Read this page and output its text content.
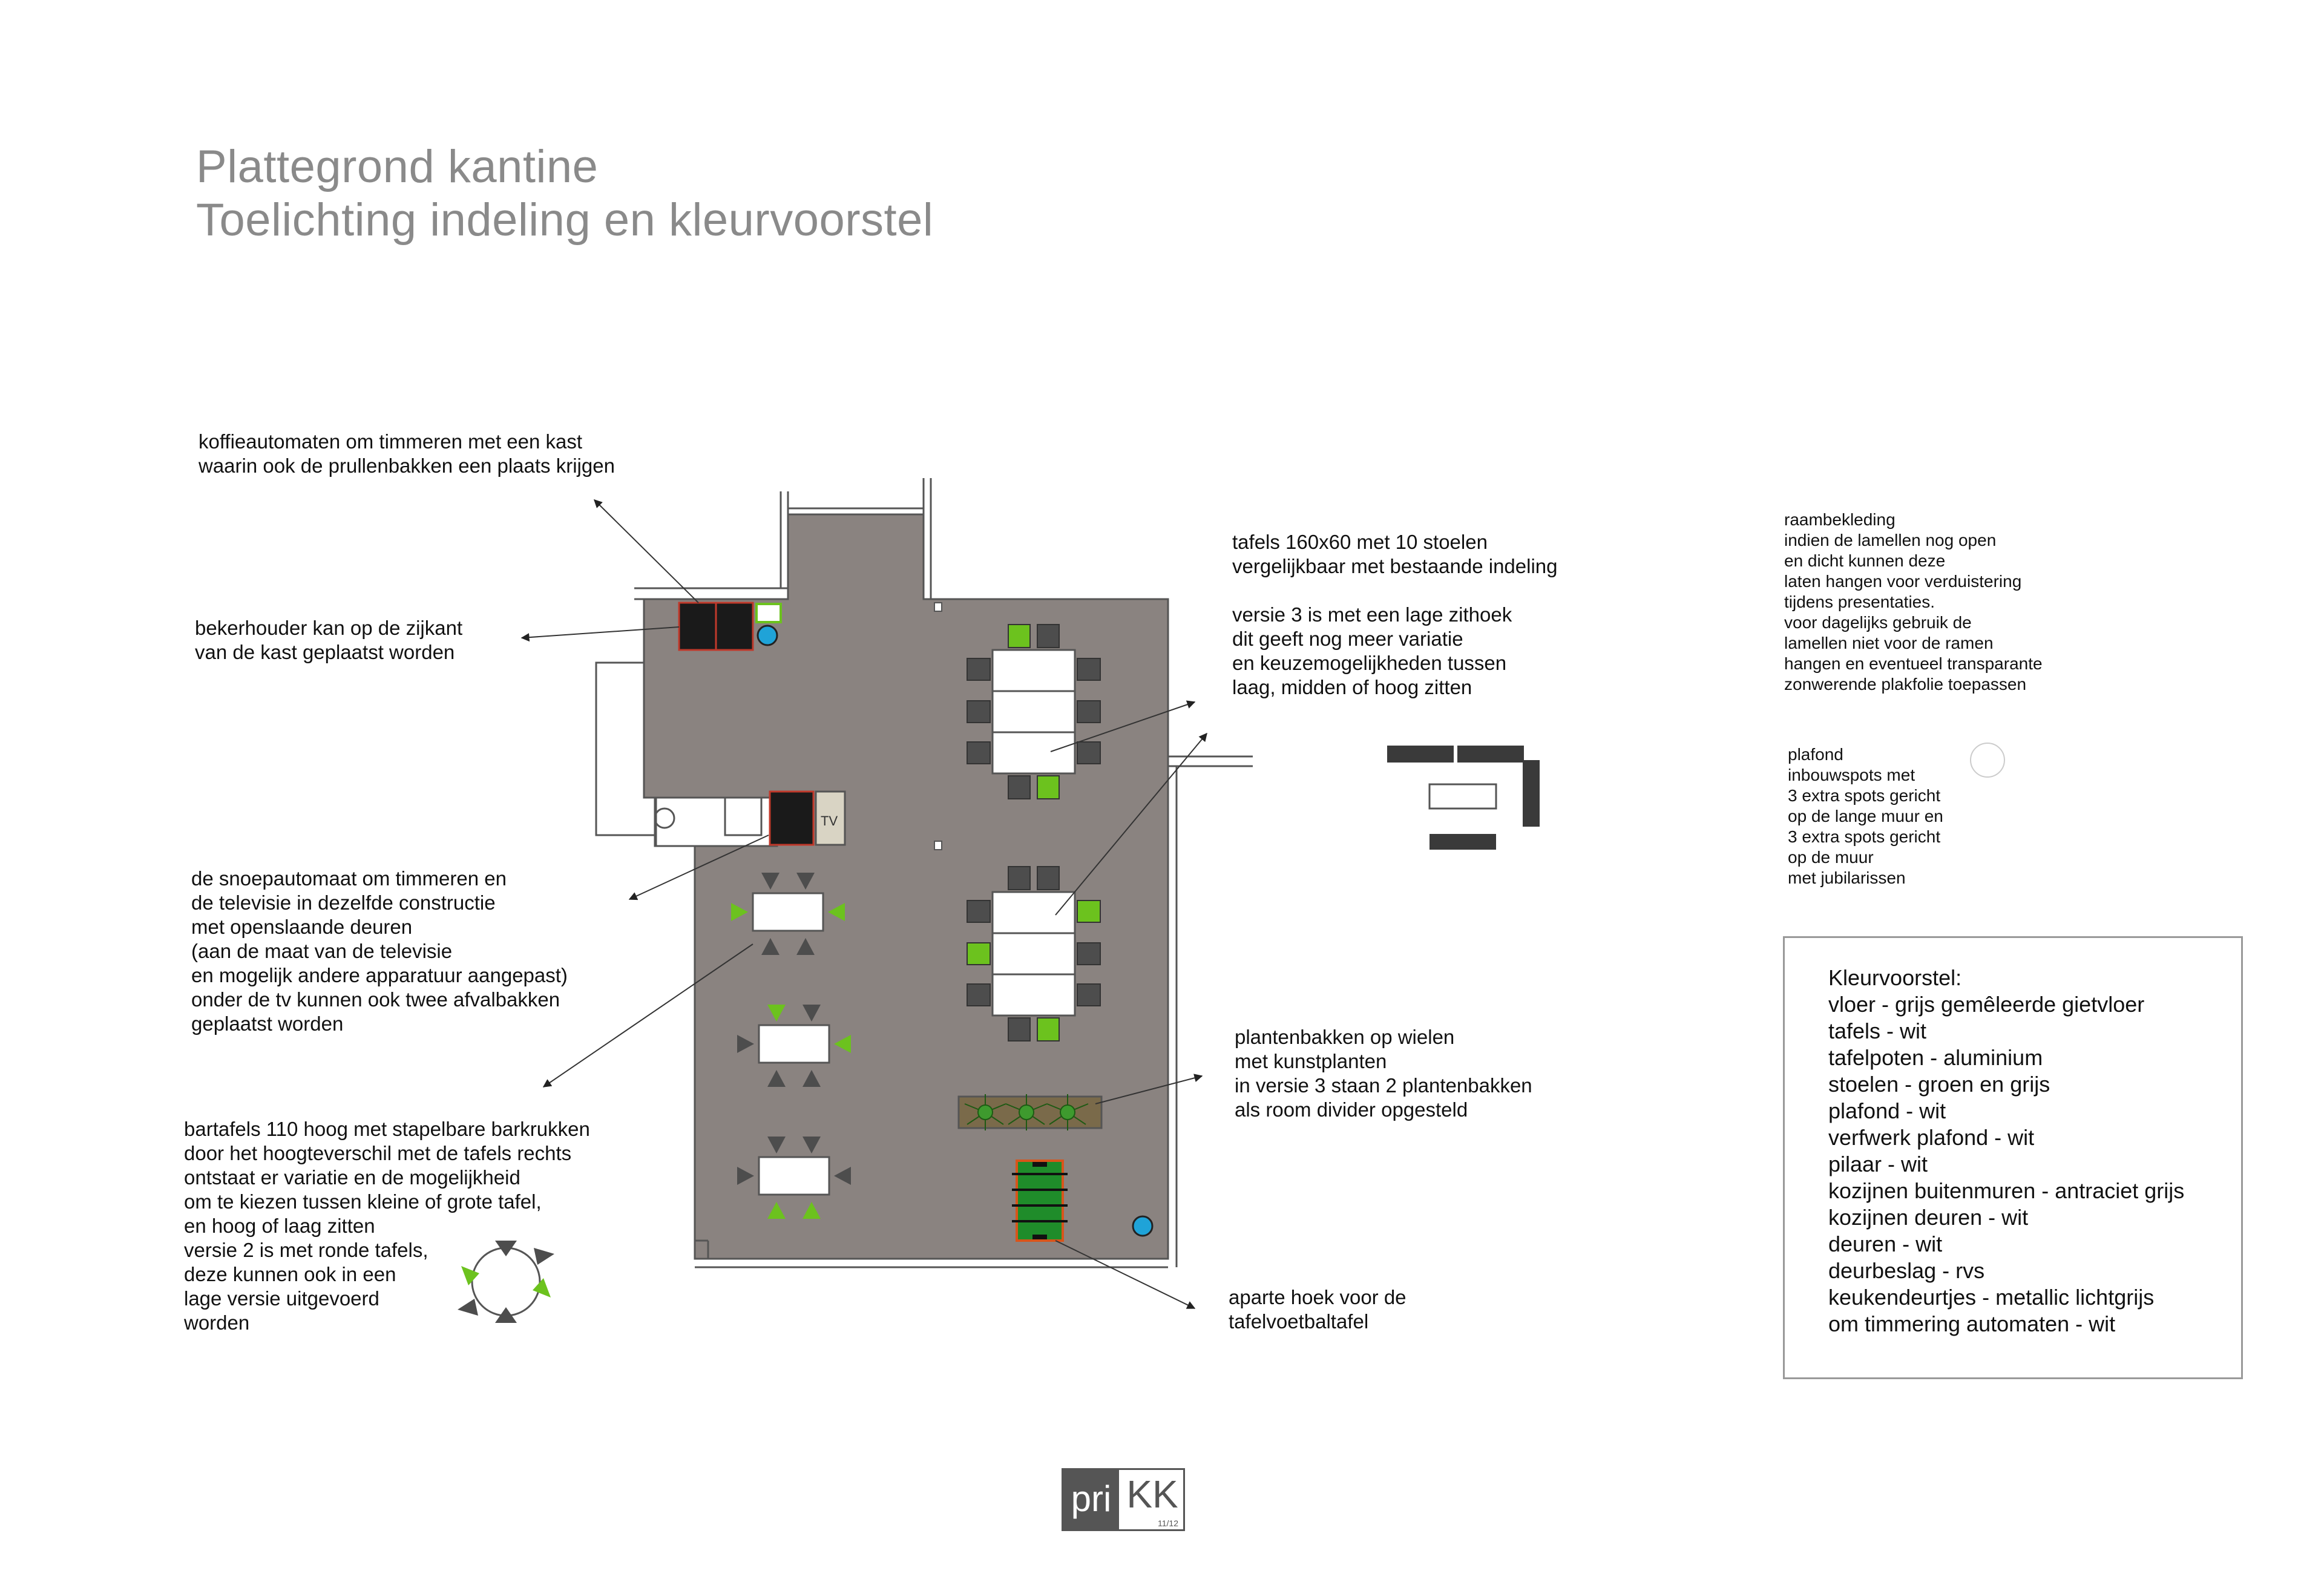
Plattegrond kantine
Toelichting indeling en kleurvoorstel
TV
koffieautomaten om timmeren met een kast
waarin ook de prullenbakken een plaats krijgen
bekerhouder kan op de zijkant
van de kast geplaatst worden
de snoepautomaat om timmeren en
de televisie in dezelfde constructie
met openslaande deuren
(aan de maat van de televisie
en mogelijk andere apparatuur aangepast)
onder de tv kunnen ook twee afvalbakken
geplaatst worden
bartafels 110 hoog met stapelbare barkrukken
door het hoogteverschil met de tafels rechts
ontstaat er variatie en de mogelijkheid
om te kiezen tussen kleine of grote tafel,
en hoog of laag zitten
versie 2 is met ronde tafels,
deze kunnen ook in een
lage versie uitgevoerd
worden
tafels 160x60 met 10 stoelen
vergelijkbaar met bestaande indeling

versie 3 is met een lage zithoek
dit geeft nog meer variatie
en keuzemogelijkheden tussen
laag, midden of hoog zitten
plantenbakken op wielen
met kunstplanten
in versie 3 staan 2 plantenbakken
als room divider opgesteld
aparte hoek voor de
tafelvoetbaltafel
raambekleding
indien de lamellen nog open
en dicht kunnen deze
laten hangen voor verduistering
tijdens presentaties.
voor dagelijks gebruik de
lamellen niet voor de ramen
hangen en eventueel transparante
zonwerende plakfolie toepassen
plafond
inbouwspots met
3 extra spots gericht
op de lange muur en
3 extra spots gericht
op de muur
met jubilarissen
Kleurvoorstel:
vloer - grijs gemêleerde gietvloer
tafels - wit
tafelpoten - aluminium
stoelen - groen en grijs
plafond - wit
verfwerk plafond - wit
pilaar - wit
kozijnen buitenmuren - antraciet grijs
kozijnen deuren - wit
deuren - wit
deurbeslag - rvs
keukendeurtjes - metallic lichtgrijs
om timmering automaten - wit
pri KK
11/12
